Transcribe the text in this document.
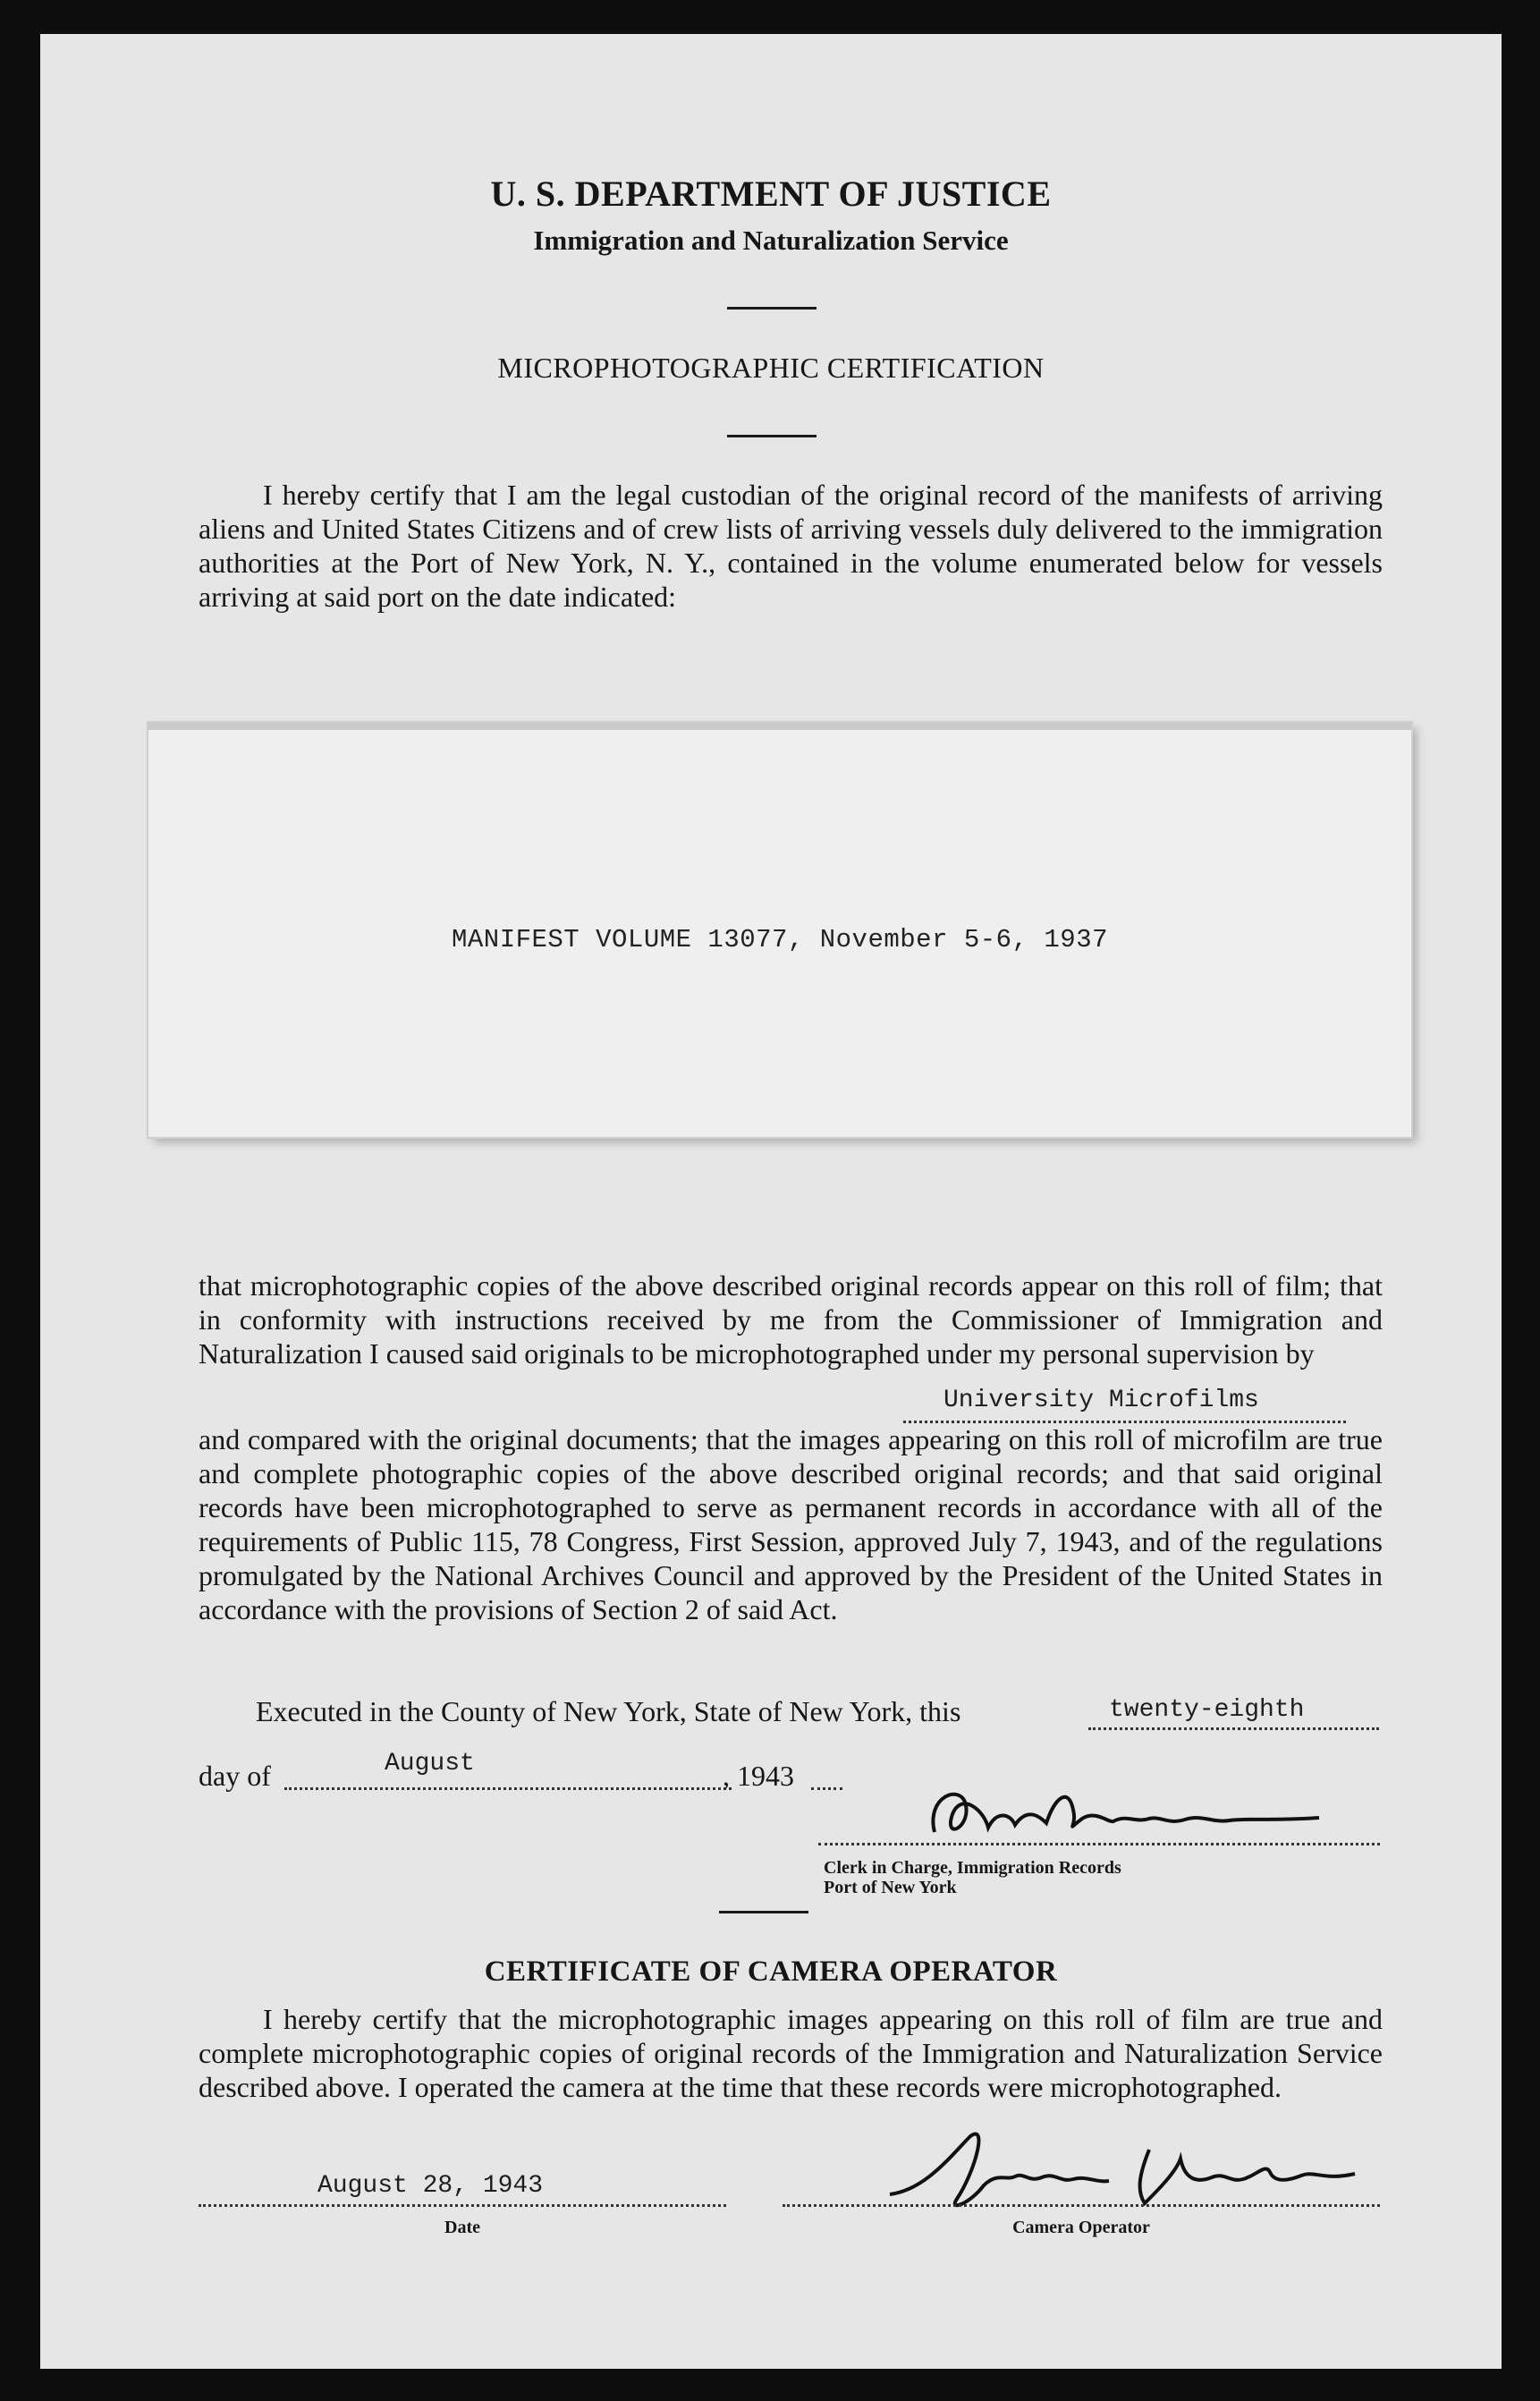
U. S. DEPARTMENT OF JUSTICE
Immigration and Naturalization Service
MICROPHOTOGRAPHIC CERTIFICATION
I hereby certify that I am the legal custodian of the original record of the manifests of arriving aliens and United States Citizens and of crew lists of arriving vessels duly delivered to the immigration authorities at the Port of New York, N. Y., contained in the volume enumerated below for vessels arriving at said port on the date indicated:
MANIFEST VOLUME 13077, November 5-6, 1937
that microphotographic copies of the above described original records appear on this roll of film; that in conformity with instructions received by me from the Commissioner of Immigration and Naturalization I caused said originals to be microphotographed under my personal supervision by
University Microfilms
and compared with the original documents; that the images appearing on this roll of microfilm are true and complete photographic copies of the above described original records; and that said original records have been microphotographed to serve as permanent records in accordance with all of the requirements of Public 115, 78 Congress, First Session, approved July 7, 1943, and of the regulations promulgated by the National Archives Council and approved by the President of the United States in accordance with the provisions of Section 2 of said Act.
Executed in the County of New York, State of New York, this	twenty-eighth
day of	August	, 1943
Clerk in Charge, Immigration Records
Port of New York
CERTIFICATE OF CAMERA OPERATOR
I hereby certify that the microphotographic images appearing on this roll of film are true and complete microphotographic copies of original records of the Immigration and Naturalization Service described above. I operated the camera at the time that these records were microphotographed.
August 28, 1943
Date	Camera Operator
